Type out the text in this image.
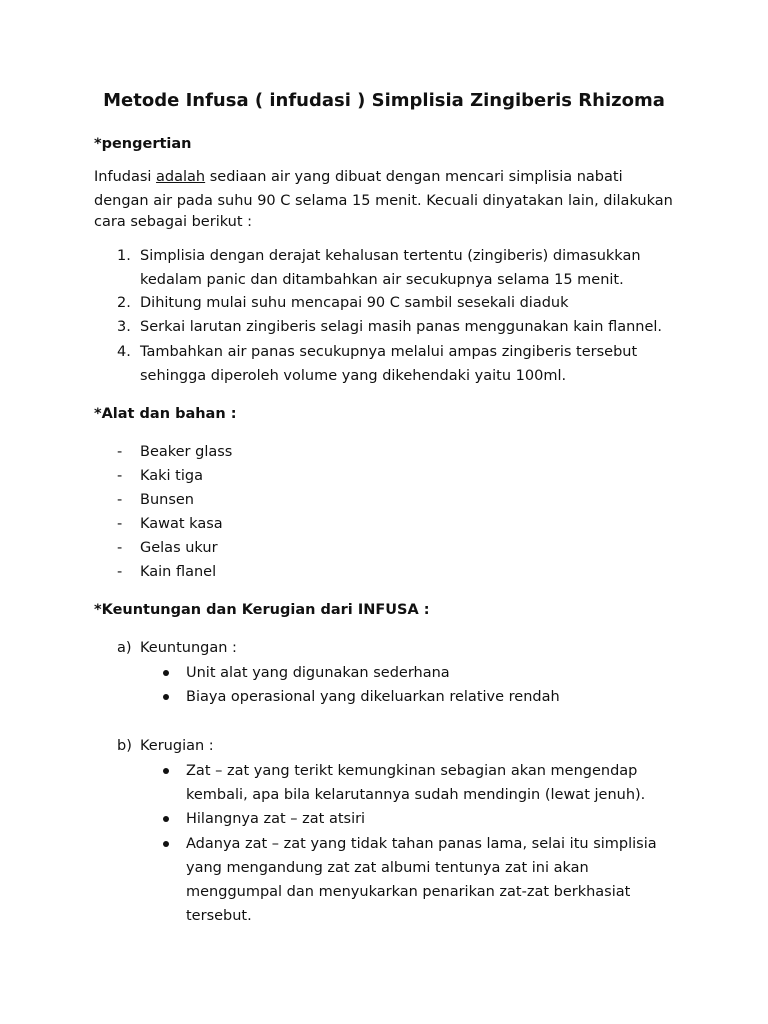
Metode Infusa ( infudasi ) Simplisia Zingiberis Rhizoma
*pengertian
Infudasi adalah sediaan air yang dibuat dengan mencari simplisia nabati
dengan air pada suhu 90 C selama 15 menit. Kecuali dinyatakan lain, dilakukan
cara sebagai berikut :
1. Simplisia dengan derajat kehalusan tertentu (zingiberis) dimasukkan
kedalam panic dan ditambahkan air secukupnya selama 15 menit.
2. Dihitung mulai suhu mencapai 90 C sambil sesekali diaduk
3. Serkai larutan zingiberis selagi masih panas menggunakan kain flannel.
4. Tambahkan air panas secukupnya melalui ampas zingiberis tersebut
sehingga diperoleh volume yang dikehendaki yaitu 100ml.
*Alat dan bahan :
- Beaker glass
- Kaki tiga
- Bunsen
- Kawat kasa
- Gelas ukur
- Kain flanel
*Keuntungan dan Kerugian dari INFUSA :
a) Keuntungan :
Unit alat yang digunakan sederhana
Biaya operasional yang dikeluarkan relative rendah
b) Kerugian :
Zat – zat yang terikt kemungkinan sebagian akan mengendap
kembali, apa bila kelarutannya sudah mendingin (lewat jenuh).
Hilangnya zat – zat atsiri
Adanya zat – zat yang tidak tahan panas lama, selai itu simplisia
yang mengandung zat zat albumi tentunya zat ini akan
menggumpal dan menyukarkan penarikan zat-zat berkhasiat
tersebut.
